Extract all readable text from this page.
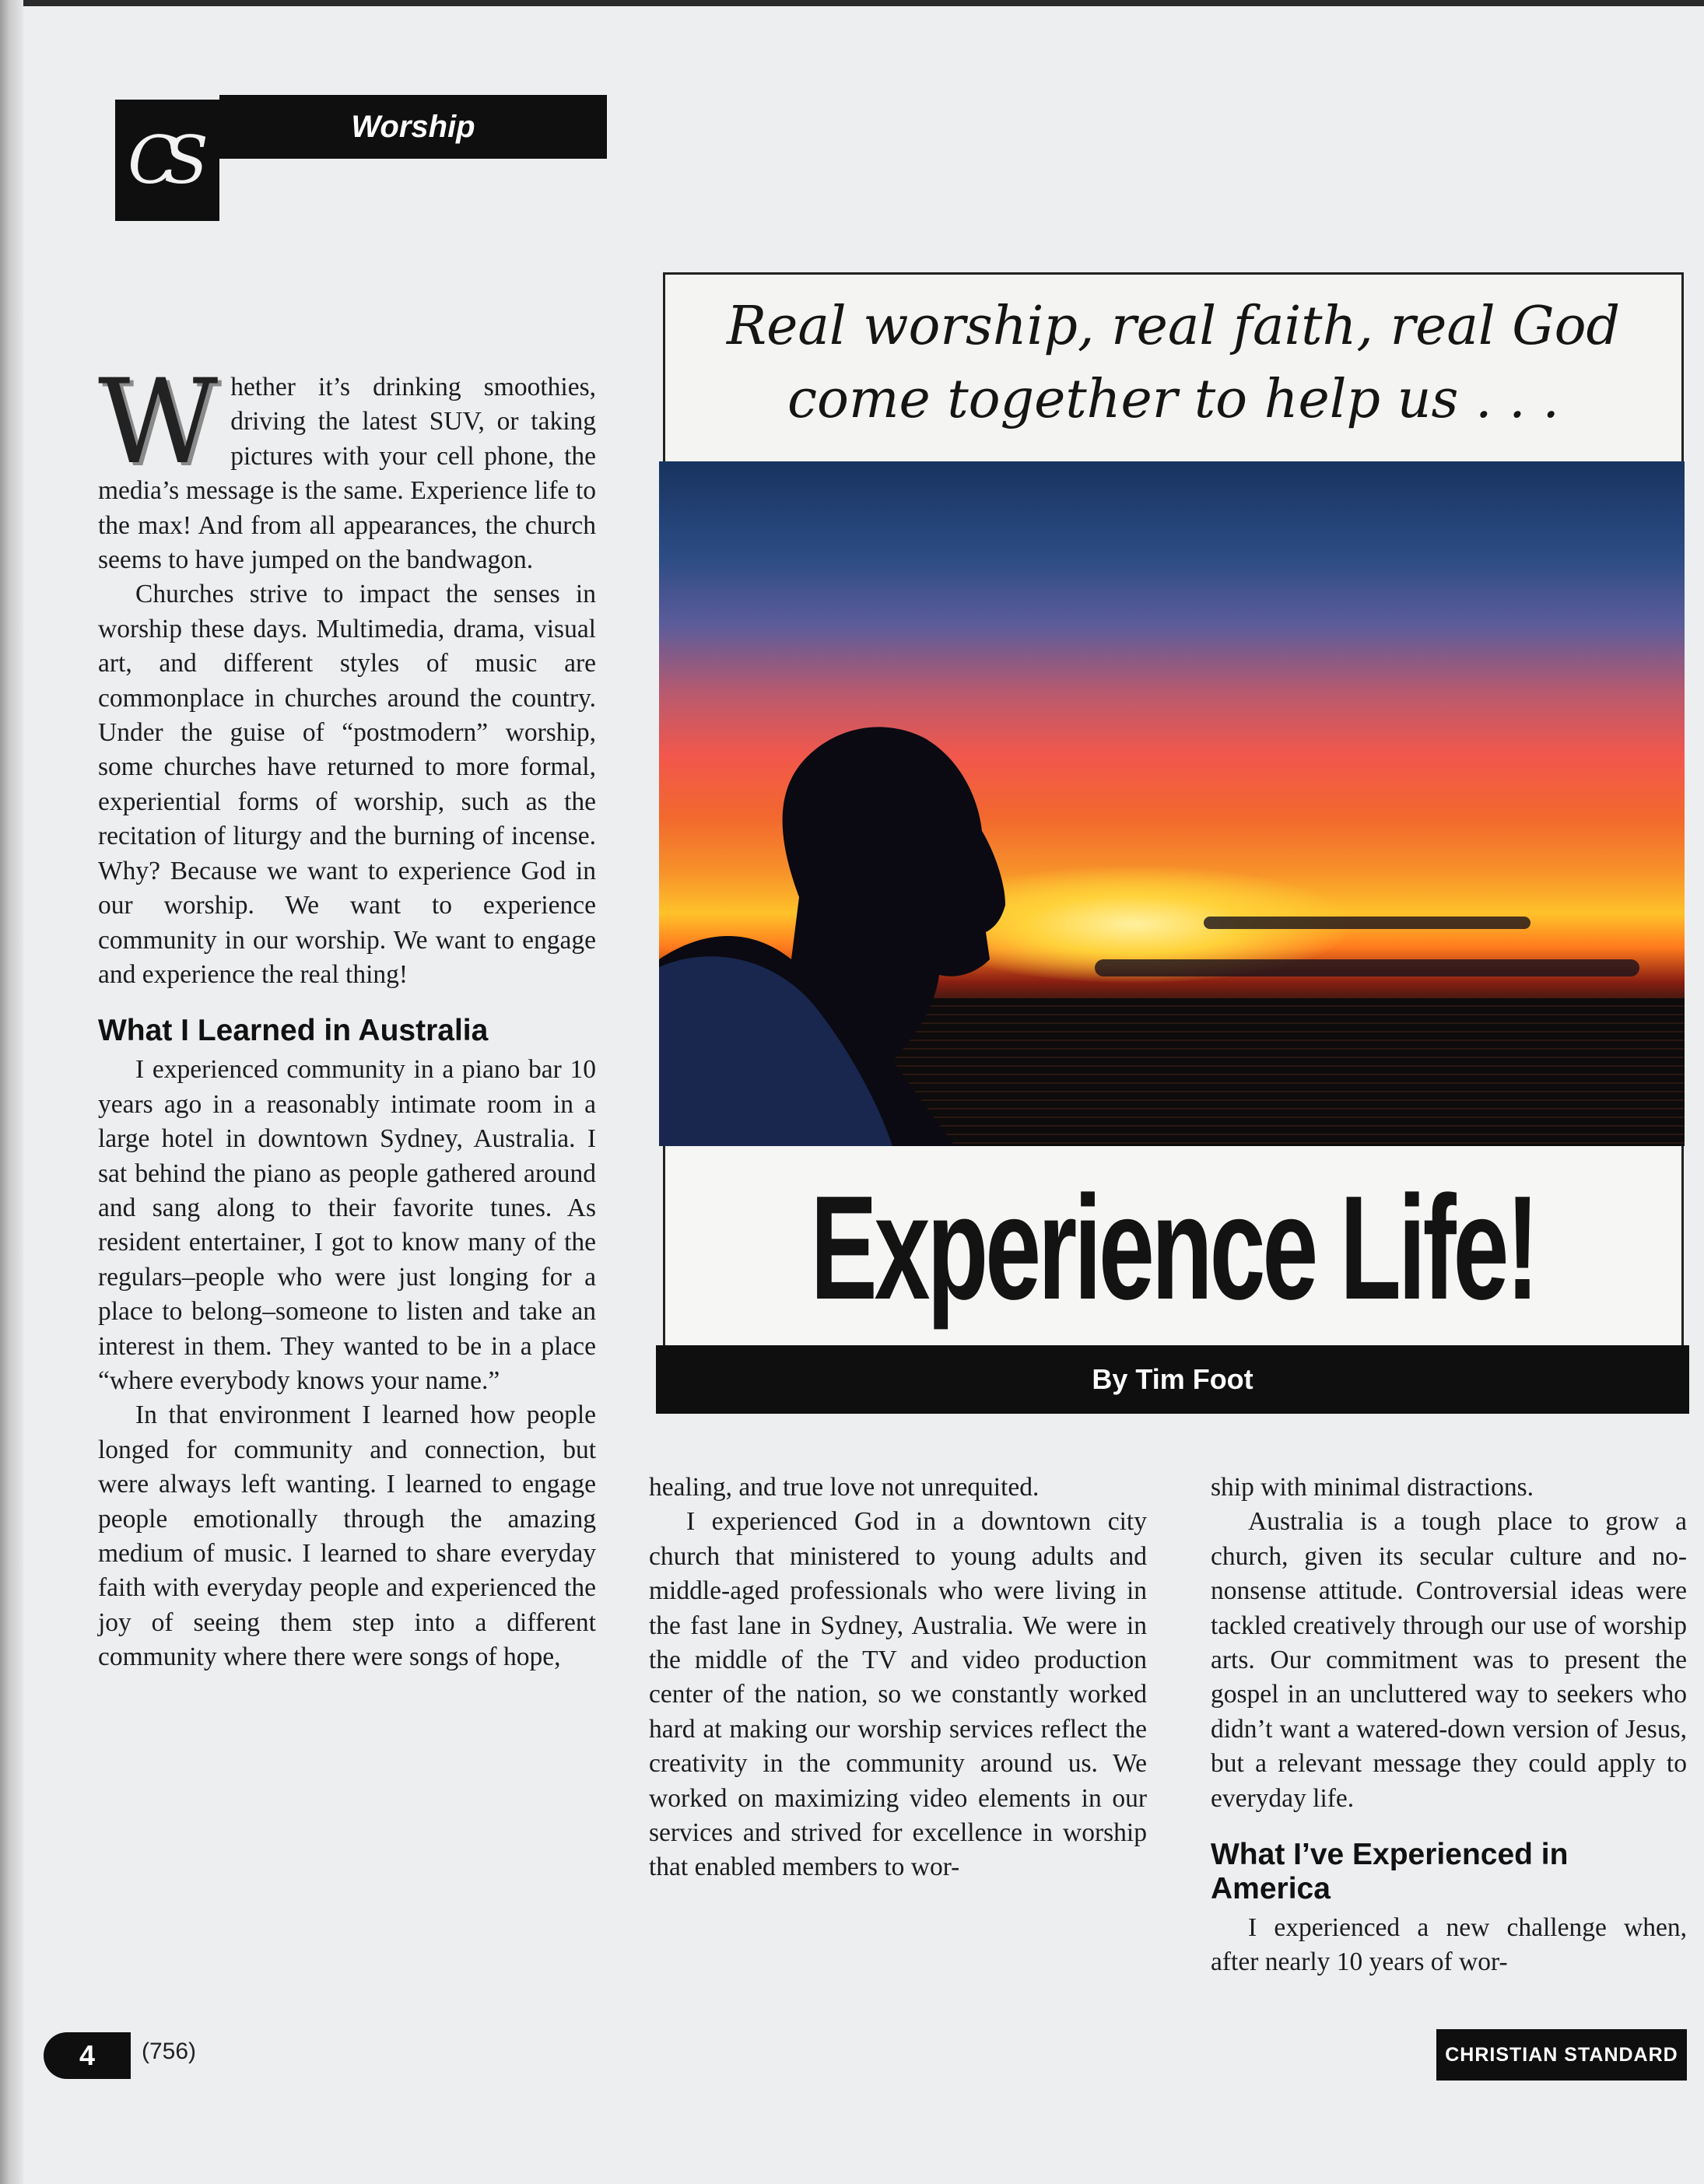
CS	Worship

Whether it’s drinking smoothies, driving the latest SUV, or taking pictures with your cell phone, the media’s message is the same. Experience life to the max! And from all appearances, the church seems to have jumped on the bandwagon.

Churches strive to impact the senses in worship these days. Multimedia, drama, visual art, and different styles of music are commonplace in churches around the country. Under the guise of “postmodern” worship, some churches have returned to more formal, experiential forms of worship, such as the recitation of liturgy and the burning of incense. Why? Because we want to experience God in our worship. We want to experience community in our worship. We want to engage and experience the real thing!

What I Learned in Australia

I experienced community in a piano bar 10 years ago in a reasonably intimate room in a large hotel in downtown Sydney, Australia. I sat behind the piano as people gathered around and sang along to their favorite tunes. As resident entertainer, I got to know many of the regulars–people who were just longing for a place to belong–someone to listen and take an interest in them. They wanted to be in a place “where everybody knows your name.”

In that environment I learned how people longed for community and connection, but were always left wanting. I learned to engage people emotionally through the amazing medium of music. I learned to share everyday faith with everyday people and experienced the joy of seeing them step into a different community where there were songs of hope,

Real worship, real faith, real God
come together to help us . . .
Experience Life!
By Tim Foot

healing, and true love not unrequited.

I experienced God in a downtown city church that ministered to young adults and middle-aged professionals who were living in the fast lane in Sydney, Australia. We were in the middle of the TV and video production center of the nation, so we constantly worked hard at making our worship services reflect the creativity in the community around us. We worked on maximizing video elements in our services and strived for excellence in worship that enabled members to wor-

ship with minimal distractions.

Australia is a tough place to grow a church, given its secular culture and no-nonsense attitude. Controversial ideas were tackled creatively through our use of worship arts. Our commitment was to present the gospel in an uncluttered way to seekers who didn’t want a watered-down version of Jesus, but a relevant message they could apply to everyday life.

What I’ve Experienced in America

I experienced a new challenge when, after nearly 10 years of wor-

4 (756)	CHRISTIAN STANDARD
